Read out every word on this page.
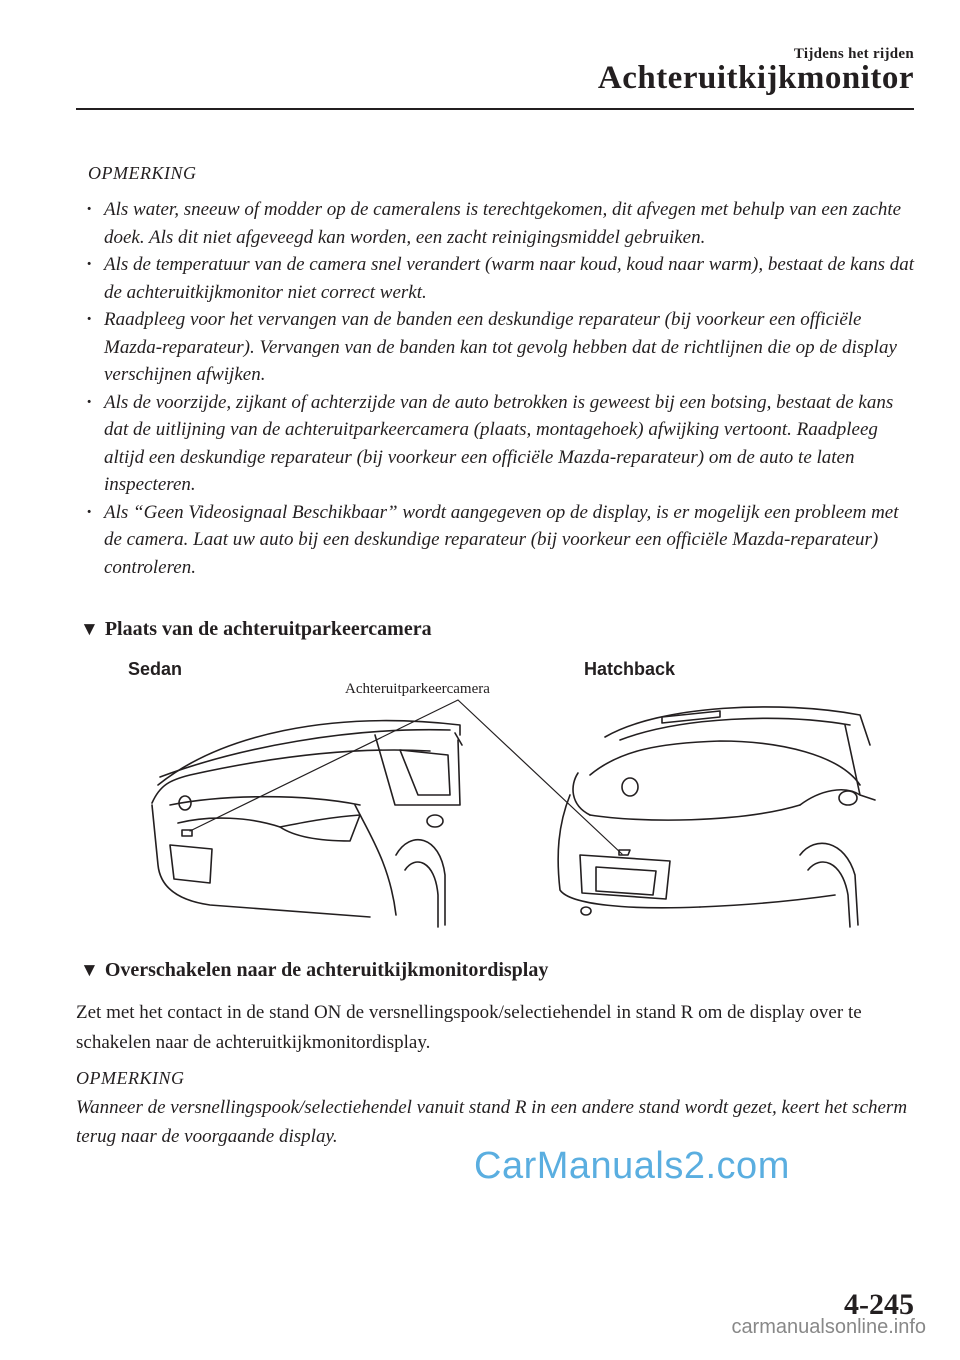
Tijdens het rijden
Achteruitkijkmonitor
OPMERKING
· Als water, sneeuw of modder op de cameralens is terechtgekomen, dit afvegen met behulp van een zachte doek. Als dit niet afgeveegd kan worden, een zacht reinigingsmiddel gebruiken.
· Als de temperatuur van de camera snel verandert (warm naar koud, koud naar warm), bestaat de kans dat de achteruitkijkmonitor niet correct werkt.
· Raadpleeg voor het vervangen van de banden een deskundige reparateur (bij voorkeur een officiële Mazda-reparateur). Vervangen van de banden kan tot gevolg hebben dat de richtlijnen die op de display verschijnen afwijken.
· Als de voorzijde, zijkant of achterzijde van de auto betrokken is geweest bij een botsing, bestaat de kans dat de uitlijning van de achteruitparkeercamera (plaats, montagehoek) afwijking vertoont. Raadpleeg altijd een deskundige reparateur (bij voorkeur een officiële Mazda-reparateur) om de auto te laten inspecteren.
· Als “Geen Videosignaal Beschikbaar” wordt aangegeven op de display, is er mogelijk een probleem met de camera. Laat uw auto bij een deskundige reparateur (bij voorkeur een officiële Mazda-reparateur) controleren.
▼ Plaats van de achteruitparkeercamera
Sedan	Hatchback
Achteruitparkeercamera
▼ Overschakelen naar de achteruitkijkmonitordisplay
Zet met het contact in de stand ON de versnellingspook/selectiehendel in stand R om de display over te schakelen naar de achteruitkijkmonitordisplay.
OPMERKING
Wanneer de versnellingspook/selectiehendel vanuit stand R in een andere stand wordt gezet, keert het scherm terug naar de voorgaande display.
CarManuals2.com
4-245
carmanualsonline.info
